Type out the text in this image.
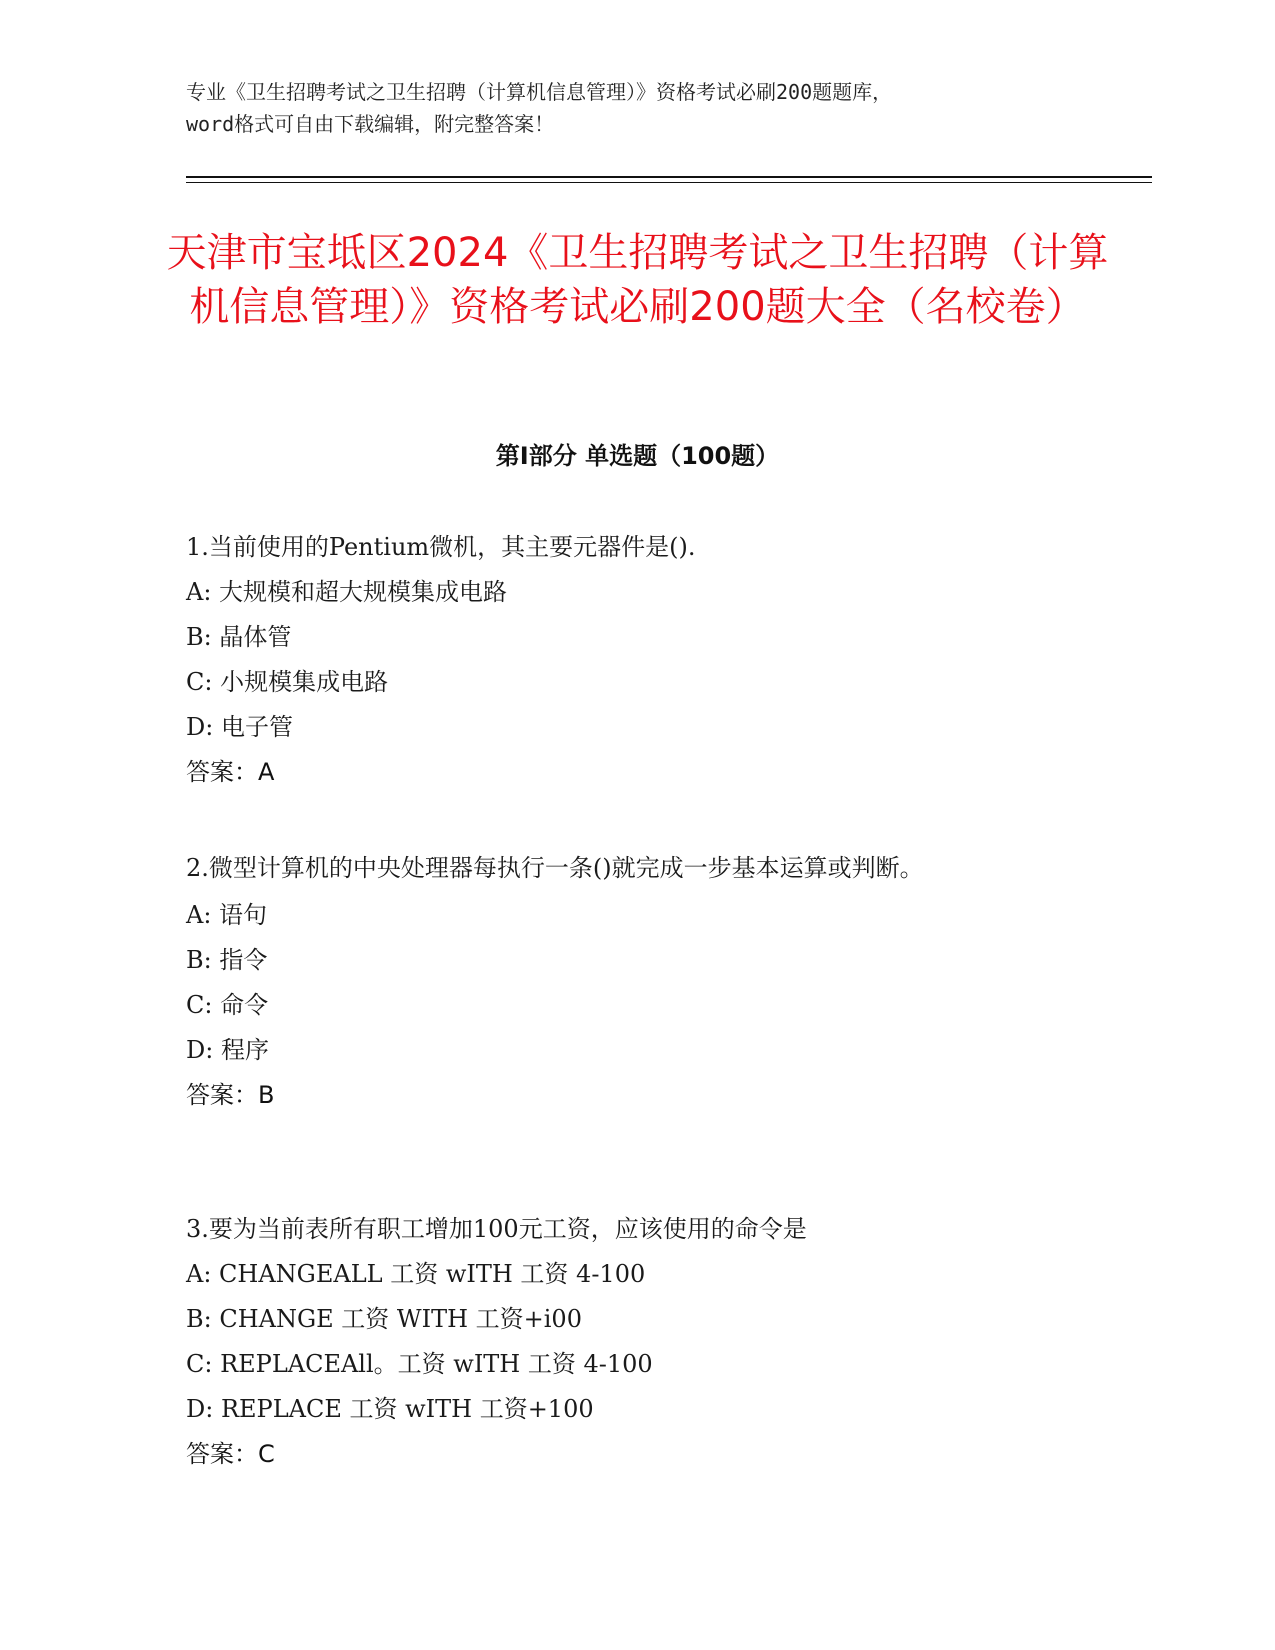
专业《卫生招聘考试之卫生招聘（计算机信息管理）》资格考试必刷200题题库，
word格式可自由下载编辑，附完整答案！
天津市宝坻区2024《卫生招聘考试之卫生招聘（计算机信息管理）》资格考试必刷200题大全（名校卷）
第Ⅰ部分 单选题（100题）
1.当前使用的Pentium微机，其主要元器件是().
A: 大规模和超大规模集成电路
B: 晶体管
C: 小规模集成电路
D: 电子管
答案：A
2.微型计算机的中央处理器每执行一条()就完成一步基本运算或判断。
A: 语句
B: 指令
C: 命令
D: 程序
答案：B
3.要为当前表所有职工增加100元工资，应该使用的命令是
A: CHANGEALL 工资 wITH 工资 4-100
B: CHANGE 工资 WITH 工资+i00
C: REPLACEAll。工资 wITH 工资 4-100
D: REPLACE 工资 wITH 工资+100
答案：C
